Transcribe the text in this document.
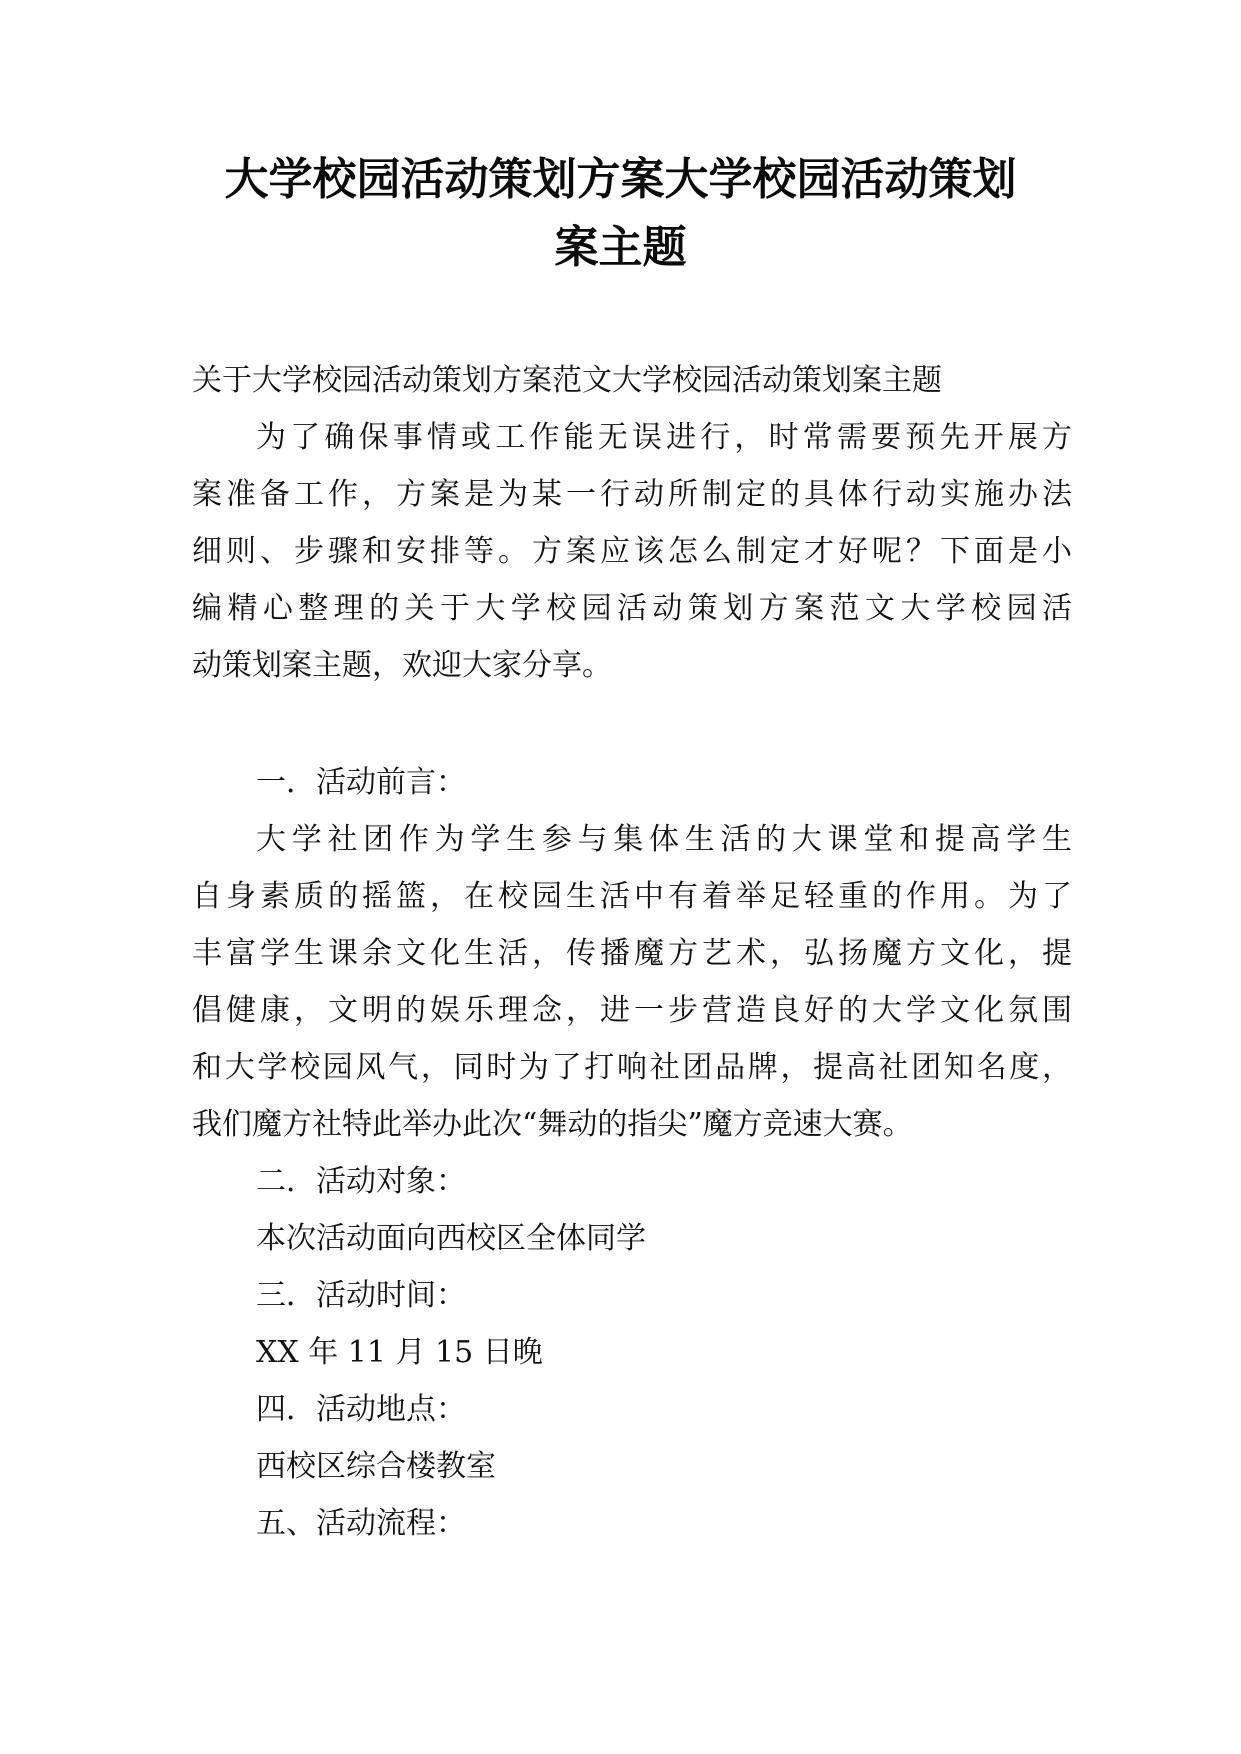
大学校园活动策划方案大学校园活动策划
案主题
关于大学校园活动策划方案范文大学校园活动策划案主题
为了确保事情或工作能无误进行，时常需要预先开展方
案准备工作，方案是为某一行动所制定的具体行动实施办法
细则、步骤和安排等。方案应该怎么制定才好呢？下面是小
编精心整理的关于大学校园活动策划方案范文大学校园活
动策划案主题，欢迎大家分享。
一．活动前言：
大学社团作为学生参与集体生活的大课堂和提高学生
自身素质的摇篮，在校园生活中有着举足轻重的作用。为了
丰富学生课余文化生活，传播魔方艺术，弘扬魔方文化，提
倡健康，文明的娱乐理念，进一步营造良好的大学文化氛围
和大学校园风气，同时为了打响社团品牌，提高社团知名度，
我们魔方社特此举办此次“舞动的指尖”魔方竞速大赛。
二．活动对象：
本次活动面向西校区全体同学
三．活动时间：
XX 年 11 月 15 日晚
四．活动地点：
西校区综合楼教室
五、活动流程：
